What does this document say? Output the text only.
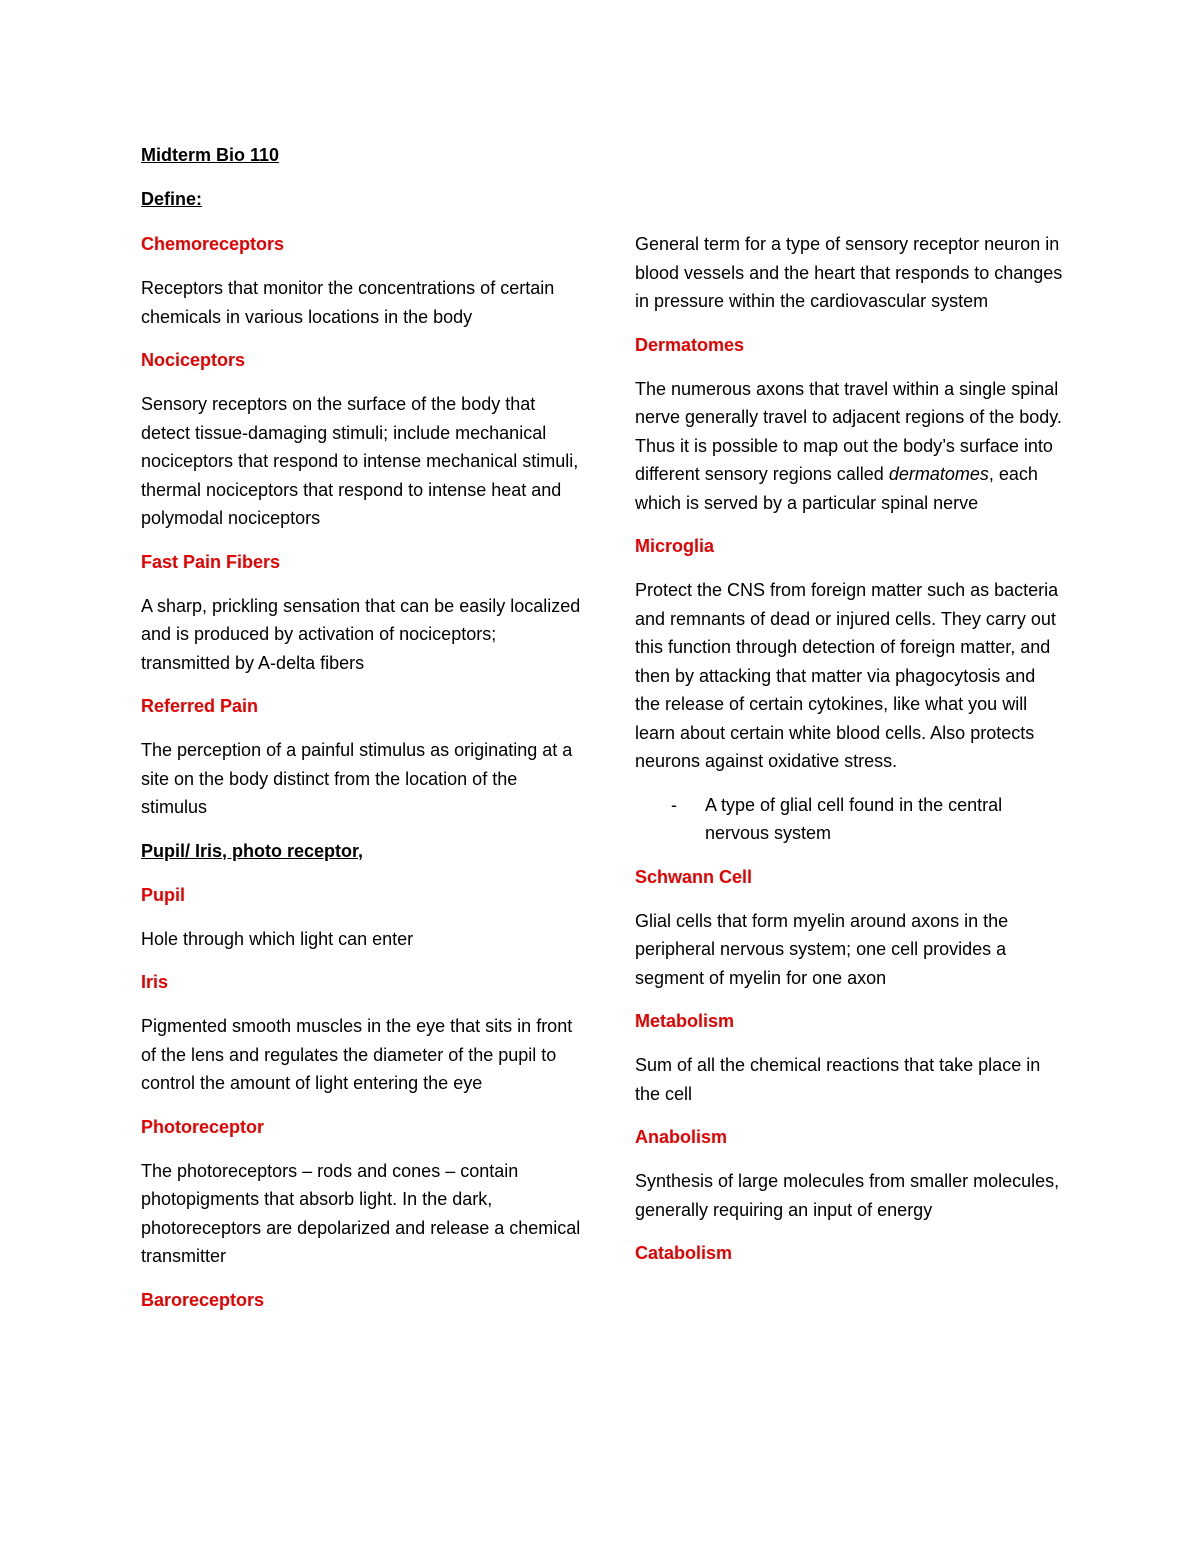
Midterm Bio 110
Define:
Chemoreceptors
Receptors that monitor the concentrations of certain chemicals in various locations in the body
Nociceptors
Sensory receptors on the surface of the body that detect tissue-damaging stimuli; include mechanical nociceptors that respond to intense mechanical stimuli, thermal nociceptors that respond to intense heat and polymodal nociceptors
Fast Pain Fibers
A sharp, prickling sensation that can be easily localized and is produced by activation of nociceptors; transmitted by A-delta fibers
Referred Pain
The perception of a painful stimulus as originating at a site on the body distinct from the location of the stimulus
Pupil/ Iris, photo receptor,
Pupil
Hole through which light can enter
Iris
Pigmented smooth muscles in the eye that sits in front of the lens and regulates the diameter of the pupil to control the amount of light entering the eye
Photoreceptor
The photoreceptors – rods and cones – contain photopigments that absorb light. In the dark, photoreceptors are depolarized and release a chemical transmitter
Baroreceptors
General term for a type of sensory receptor neuron in blood vessels and the heart that responds to changes in pressure within the cardiovascular system
Dermatomes
The numerous axons that travel within a single spinal nerve generally travel to adjacent regions of the body. Thus it is possible to map out the body’s surface into different sensory regions called dermatomes, each which is served by a particular spinal nerve
Microglia
Protect the CNS from foreign matter such as bacteria and remnants of dead or injured cells. They carry out this function through detection of foreign matter, and then by attacking that matter via phagocytosis and the release of certain cytokines, like what you will learn about certain white blood cells. Also protects neurons against oxidative stress.
-	A type of glial cell found in the central nervous system
Schwann Cell
Glial cells that form myelin around axons in the peripheral nervous system; one cell provides a segment of myelin for one axon
Metabolism
Sum of all the chemical reactions that take place in the cell
Anabolism
Synthesis of large molecules from smaller molecules, generally requiring an input of energy
Catabolism
